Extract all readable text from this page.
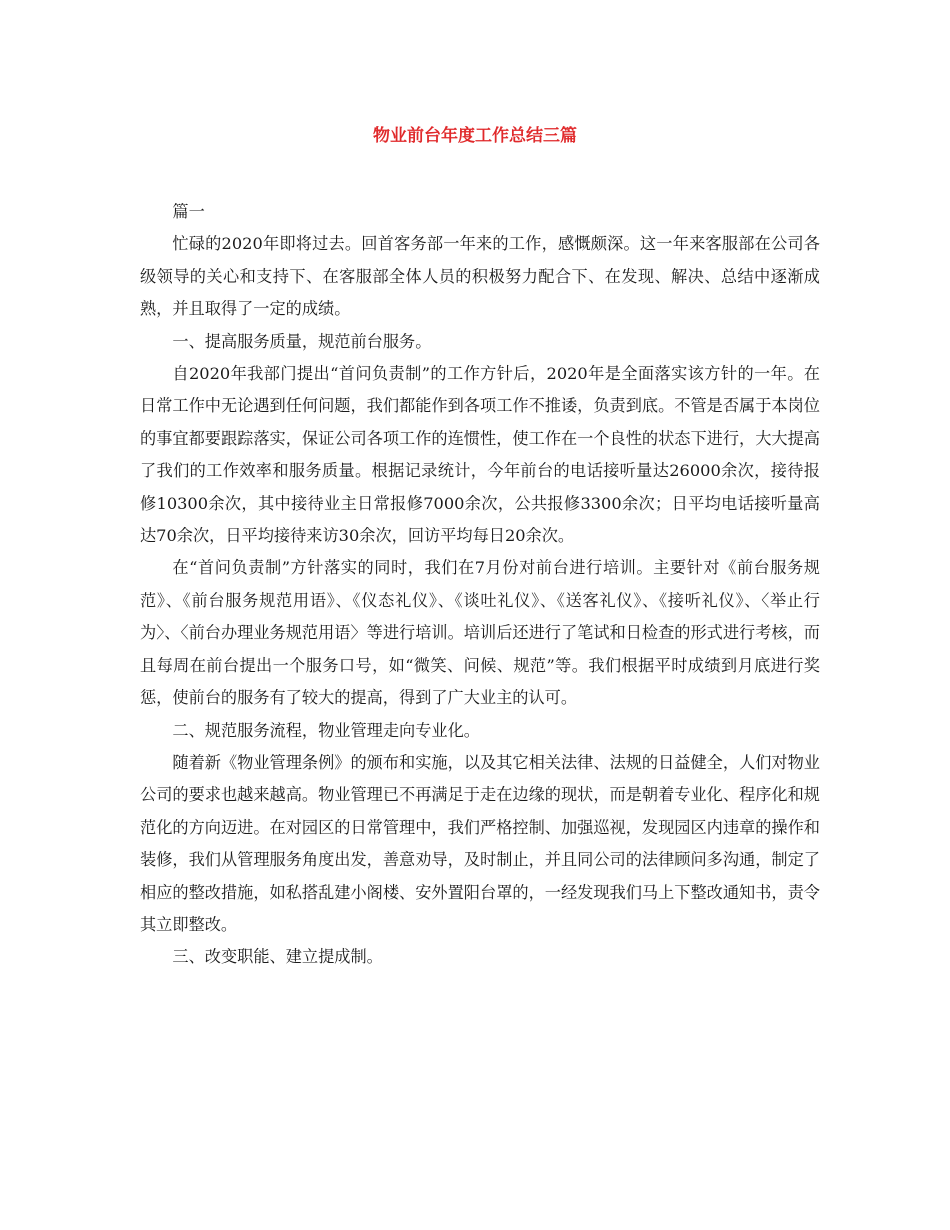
物业前台年度工作总结三篇

篇一

忙碌的2020年即将过去。回首客务部一年来的工作，感慨颇深。这一年来客服部在公司各级领导的关心和支持下、在客服部全体人员的积极努力配合下、在发现、解决、总结中逐渐成熟，并且取得了一定的成绩。

一、提高服务质量，规范前台服务。

自2020年我部门提出“首问负责制”的工作方针后，2020年是全面落实该方针的一年。在日常工作中无论遇到任何问题，我们都能作到各项工作不推诿，负责到底。不管是否属于本岗位的事宜都要跟踪落实，保证公司各项工作的连惯性，使工作在一个良性的状态下进行，大大提高了我们的工作效率和服务质量。根据记录统计，今年前台的电话接听量达26000余次，接待报修10300余次，其中接待业主日常报修7000余次，公共报修3300余次；日平均电话接听量高达70余次，日平均接待来访30余次，回访平均每日20余次。

在“首问负责制”方针落实的同时，我们在7月份对前台进行培训。主要针对《前台服务规范》、《前台服务规范用语》、《仪态礼仪》、《谈吐礼仪》、《送客礼仪》、《接听礼仪》、〈举止行为〉、〈前台办理业务规范用语〉等进行培训。培训后还进行了笔试和日检查的形式进行考核，而且每周在前台提出一个服务口号，如“微笑、问候、规范”等。我们根据平时成绩到月底进行奖惩，使前台的服务有了较大的提高，得到了广大业主的认可。

二、规范服务流程，物业管理走向专业化。

随着新《物业管理条例》的颁布和实施，以及其它相关法律、法规的日益健全，人们对物业公司的要求也越来越高。物业管理已不再满足于走在边缘的现状，而是朝着专业化、程序化和规范化的方向迈进。在对园区的日常管理中，我们严格控制、加强巡视，发现园区内违章的操作和装修，我们从管理服务角度出发，善意劝导，及时制止，并且同公司的法律顾问多沟通，制定了相应的整改措施，如私搭乱建小阁楼、安外置阳台罩的，一经发现我们马上下整改通知书，责令其立即整改。

三、改变职能、建立提成制。
